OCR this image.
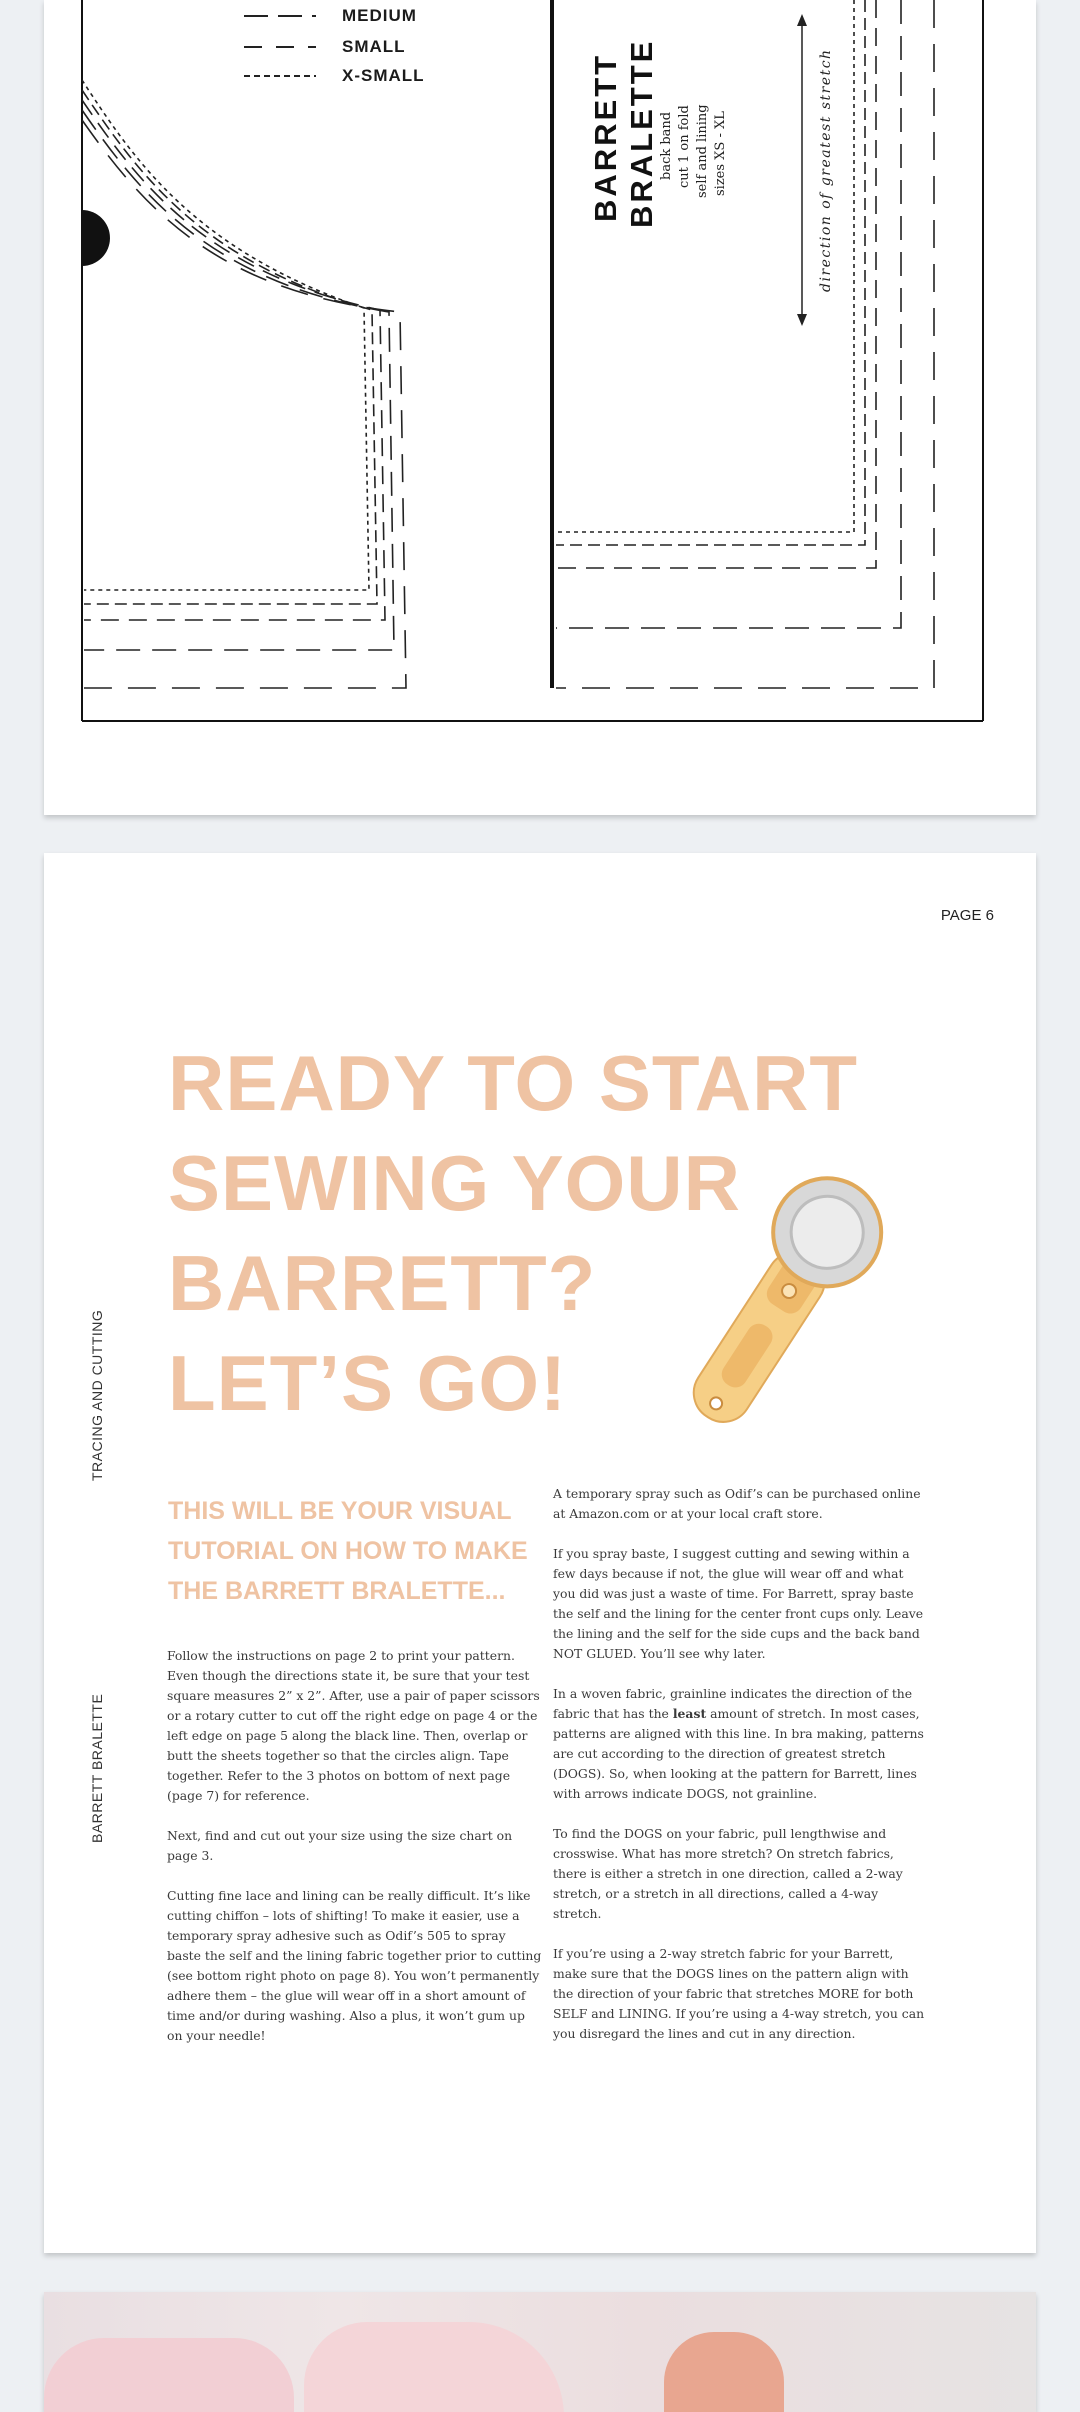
MEDIUM
SMALL
X-SMALL	BARRETT BRALETTE back band cut 1 on fold self and lining sizes XS - XL	direction of greatest stretch
PAGE 6
TRACING AND CUTTING
BARRETT BRALETTE
READY TO START
SEWING YOUR
BARRETT?
LET’S GO!
THIS WILL BE YOUR VISUAL TUTORIAL ON HOW TO MAKE THE BARRETT BRALETTE...

Follow the instructions on page 2 to print your pattern. Even though the directions state it, be sure that your test square measures 2” x 2”. After, use a pair of paper scissors or a rotary cutter to cut off the right edge on page 4 or the left edge on page 5 along the black line. Then, overlap or butt the sheets together so that the circles align. Tape together. Refer to the 3 photos on bottom of next page (page 7) for reference.

Next, find and cut out your size using the size chart on page 3.

Cutting fine lace and lining can be really difficult. It’s like cutting chiffon – lots of shifting! To make it easier, use a temporary spray adhesive such as Odif’s 505 to spray baste the self and the lining fabric together prior to cutting (see bottom right photo on page 8). You won’t permanently adhere them – the glue will wear off in a short amount of time and/or during washing. Also a plus, it won’t gum up on your needle!

A temporary spray such as Odif’s can be purchased online at Amazon.com or at your local craft store.

If you spray baste, I suggest cutting and sewing within a few days because if not, the glue will wear off and what you did was just a waste of time. For Barrett, spray baste the self and the lining for the center front cups only. Leave the lining and the self for the side cups and the back band NOT GLUED. You’ll see why later.

In a woven fabric, grainline indicates the direction of the fabric that has the least amount of stretch. In most cases, patterns are aligned with this line. In bra making, patterns are cut according to the direction of greatest stretch (DOGS). So, when looking at the pattern for Barrett, lines with arrows indicate DOGS, not grainline.

To find the DOGS on your fabric, pull lengthwise and crosswise. What has more stretch? On stretch fabrics, there is either a stretch in one direction, called a 2-way stretch, or a stretch in all directions, called a 4-way stretch.

If you’re using a 2-way stretch fabric for your Barrett, make sure that the DOGS lines on the pattern align with the direction of your fabric that stretches MORE for both SELF and LINING. If you’re using a 4-way stretch, you can you disregard the lines and cut in any direction.
